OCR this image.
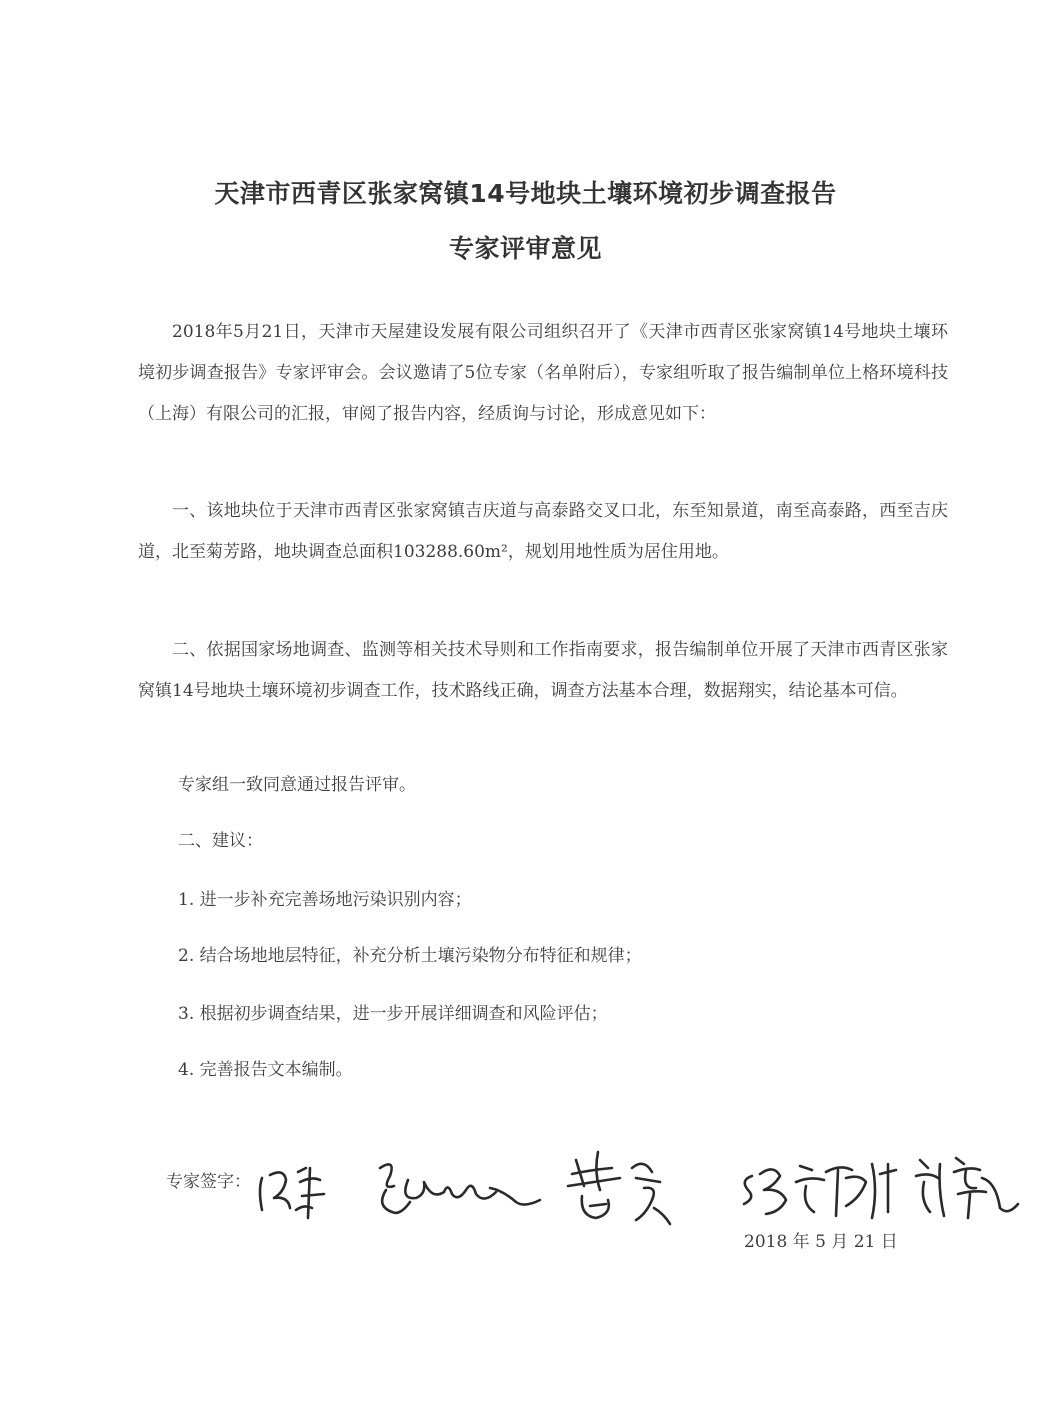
天津市西青区张家窝镇14号地块土壤环境初步调查报告
专家评审意见

2018年5月21日，天津市天屋建设发展有限公司组织召开了《天津市西青区张家窝镇14号地块土壤环境初步调查报告》专家评审会。会议邀请了5位专家（名单附后），专家组听取了报告编制单位上格环境科技（上海）有限公司的汇报，审阅了报告内容，经质询与讨论，形成意见如下：

一、该地块位于天津市西青区张家窝镇吉庆道与高泰路交叉口北，东至知景道，南至高泰路，西至吉庆道，北至菊芳路，地块调查总面积103288.60m²，规划用地性质为居住用地。

二、依据国家场地调查、监测等相关技术导则和工作指南要求，报告编制单位开展了天津市西青区张家窝镇14号地块土壤环境初步调查工作，技术路线正确，调查方法基本合理，数据翔实，结论基本可信。

专家组一致同意通过报告评审。
二、建议：
1. 进一步补充完善场地污染识别内容；
2. 结合场地地层特征，补充分析土壤污染物分布特征和规律；
3. 根据初步调查结果，进一步开展详细调查和风险评估；
4. 完善报告文本编制。
专家签字：
2018 年 5 月 21 日
